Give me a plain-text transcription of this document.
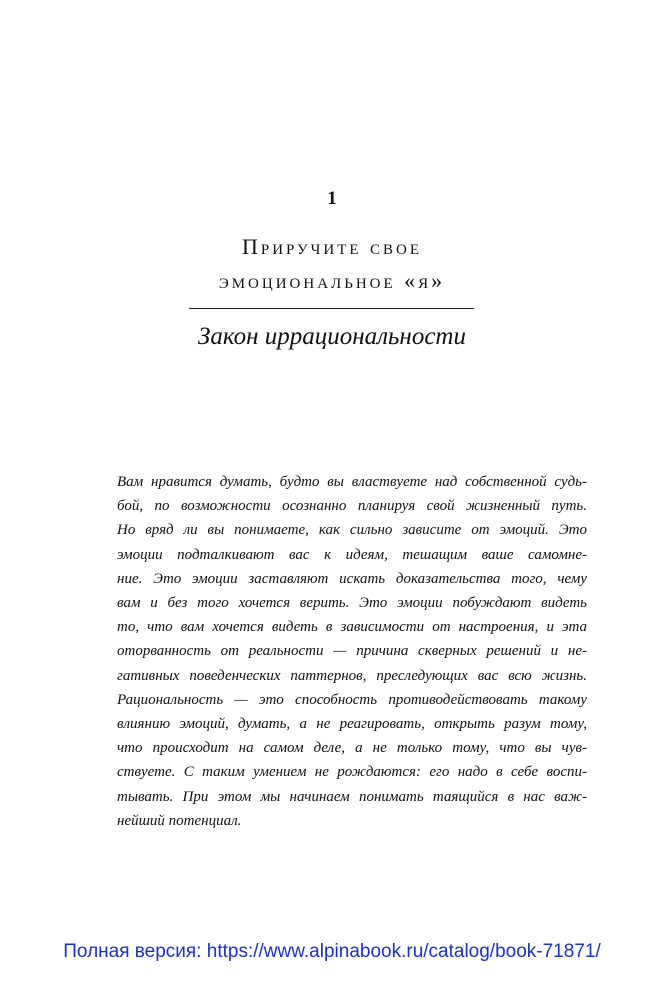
1
Приручите свое
эмоциональное «я»
Закон иррациональности
Вам нравится думать, будто вы властвуете над собственной судь-
бой, по возможности осознанно планируя свой жизненный путь.
Но вряд ли вы понимаете, как сильно зависите от эмоций. Это
эмоции подталкивают вас к идеям, тешащим ваше самомне-
ние. Это эмоции заставляют искать доказательства того, чему
вам и без того хочется верить. Это эмоции побуждают видеть
то, что вам хочется видеть в зависимости от настроения, и эта
оторванность от реальности — причина скверных решений и не-
гативных поведенческих паттернов, преследующих вас всю жизнь.
Рациональность — это способность противодействовать такому
влиянию эмоций, думать, а не реагировать, открыть разум тому,
что происходит на самом деле, а не только тому, что вы чув-
ствуете. С таким умением не рождаются: его надо в себе воспи-
тывать. При этом мы начинаем понимать таящийся в нас важ-
нейший потенциал.
Полная версия: https://www.alpinabook.ru/catalog/book-71871/
